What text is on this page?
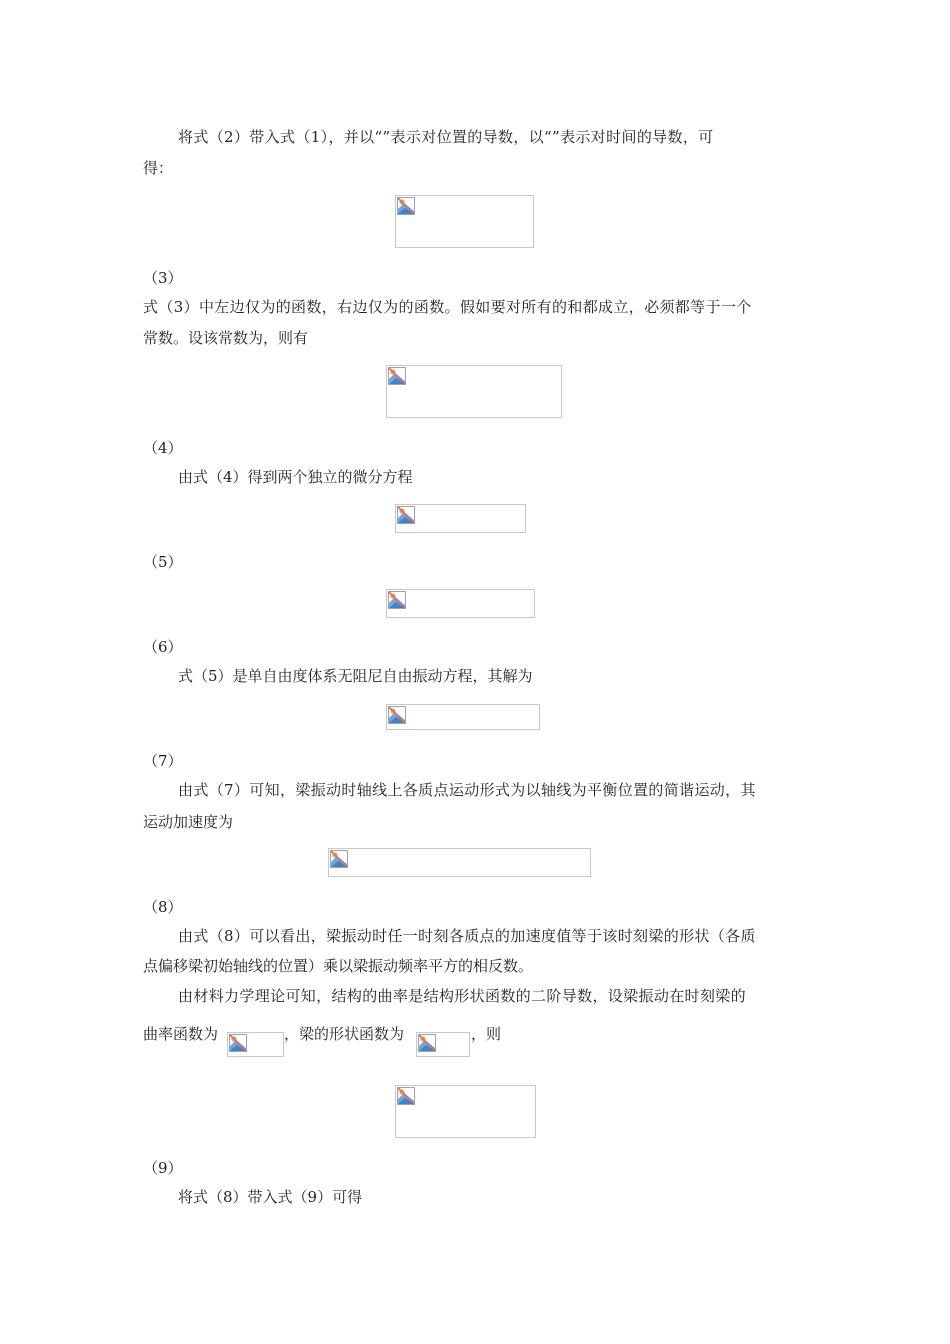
将式（2）带入式（1），并以“”表示对位置的导数，以“”表示对时间的导数，可
得：
（3）
式（3）中左边仅为的函数，右边仅为的函数。假如要对所有的和都成立，必须都等于一个
常数。设该常数为，则有
（4）
由式（4）得到两个独立的微分方程
（5）
（6）
式（5）是单自由度体系无阻尼自由振动方程，其解为
（7）
由式（7）可知，梁振动时轴线上各质点运动形式为以轴线为平衡位置的简谐运动，其
运动加速度为
（8）
由式（8）可以看出，梁振动时任一时刻各质点的加速度值等于该时刻梁的形状（各质
点偏移梁初始轴线的位置）乘以梁振动频率平方的相反数。
由材料力学理论可知，结构的曲率是结构形状函数的二阶导数，设梁振动在时刻梁的
曲率函数为	，梁的形状函数为	，则
（9）
将式（8）带入式（9）可得
